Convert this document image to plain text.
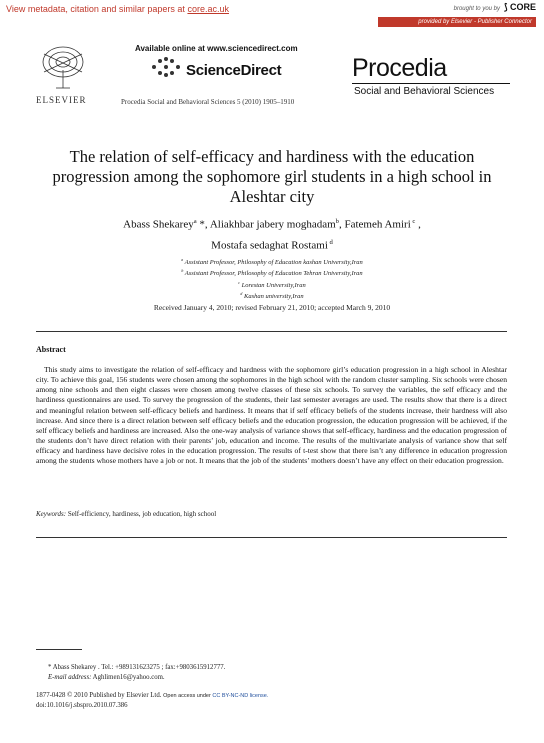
View metadata, citation and similar papers at core.ac.uk	brought to you by ⟆ CORE
provided by Elsevier - Publisher Connector
ELSEVIER
Available online at www.sciencedirect.com
ScienceDirect
Procedia Social and Behavioral Sciences 5 (2010) 1905–1910
Procedia
Social and Behavioral Sciences
The relation of self-efficacy and hardiness with the education progression among the sophomore girl students in a high school in Aleshtar city
Abass Shekarey$^a$ *, Aliakhbar jabery moghadam$^b$, Fatemeh Amiri $^c$ ,
Mostafa sedaghat Rostami $^d$
$^a$ Assistant Professor, Philosophy of Education kashan University,Iran
$^b$ Assistant Professor, Philosophy of Education Tehran University,Iran
$^c$ Lorestan University,Iran
$^d$ Kashan university,Iran
Received January 4, 2010; revised February 21, 2010; accepted March 9, 2010
Abstract

This study aims to investigate the relation of self-efficacy and hardness with the sophomore girl’s education progression in a high school in Aleshtar city. To achieve this goal, 156 students were chosen among the sophomores in the high school with the random cluster sampling. Six schools were chosen among nine schools and then eight classes were chosen among twelve classes of these six schools. To survey the variables, the self efficacy and the hardiness questionnaires are used. To survey the progression of the students, their last semester averages are used. The results show that there is a direct and meaningful relation between self-efficacy beliefs and hardiness. It means that if self efficacy beliefs of the students increase, their hardness will also increase. And since there is a direct relation between self efficacy beliefs and the education progression, the education progression will be achieved, if the self efficacy beliefs and hardiness are increased. Also the one-way analysis of variance shows that self-efficacy, hardiness and the education progression of the students don’t have direct relation with their parents’ job, education and income. The results of the multivariate analysis of variance show that self efficacy and hardiness have decisive roles in the education progression. The results of t-test show that there isn’t any difference in education progression among the students whose mothers have a job or not. It means that the job of the students’ mothers doesn’t have any effect on their education progression.

Keywords: Self-efficiency, hardiness, job education, high school
* Abass Shekarey . Tel.: +989131623275 ; fax:+9803615912777.
E-mail address: Aghlimen16@yahoo.com.
1877-0428 © 2010 Published by Elsevier Ltd. Open access under CC BY-NC-ND license.
doi:10.1016/j.sbspro.2010.07.386
